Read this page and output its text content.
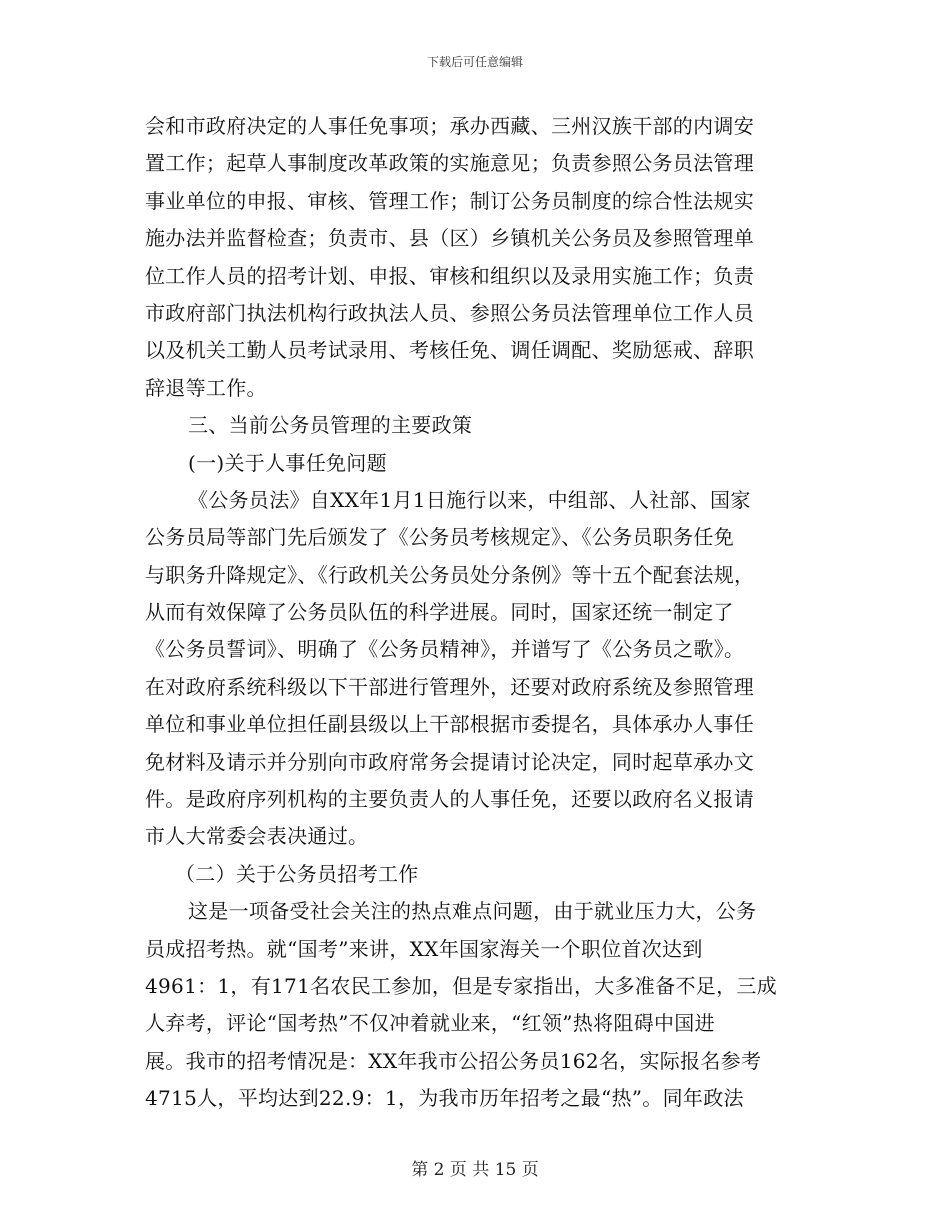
下载后可任意编辑
会和市政府决定的人事任免事项；承办西藏、三州汉族干部的内调安
置工作；起草人事制度改革政策的实施意见；负责参照公务员法管理
事业单位的申报、审核、管理工作；制订公务员制度的综合性法规实
施办法并监督检查；负责市、县（区）乡镇机关公务员及参照管理单
位工作人员的招考计划、申报、审核和组织以及录用实施工作；负责
市政府部门执法机构行政执法人员、参照公务员法管理单位工作人员
以及机关工勤人员考试录用、考核任免、调任调配、奖励惩戒、辞职
辞退等工作。
三、当前公务员管理的主要政策
(一)关于人事任免问题
《公务员法》自XX年1月1日施行以来，中组部、人社部、国家
公务员局等部门先后颁发了《公务员考核规定》、《公务员职务任免
与职务升降规定》、《行政机关公务员处分条例》等十五个配套法规，
从而有效保障了公务员队伍的科学进展。同时，国家还统一制定了
《公务员誓词》、明确了《公务员精神》，并谱写了《公务员之歌》。
在对政府系统科级以下干部进行管理外，还要对政府系统及参照管理
单位和事业单位担任副县级以上干部根据市委提名，具体承办人事任
免材料及请示并分别向市政府常务会提请讨论决定，同时起草承办文
件。是政府序列机构的主要负责人的人事任免，还要以政府名义报请
市人大常委会表决通过。
（二）关于公务员招考工作
这是一项备受社会关注的热点难点问题，由于就业压力大，公务
员成招考热。就“国考”来讲，XX年国家海关一个职位首次达到
4961：1，有171名农民工参加，但是专家指出，大多准备不足，三成
人弃考，评论“国考热”不仅冲着就业来，“红领”热将阻碍中国进
展。我市的招考情况是：XX年我市公招公务员162名，实际报名参考
4715人，平均达到22.9：1，为我市历年招考之最“热”。同年政法
第 2 页 共 15 页
